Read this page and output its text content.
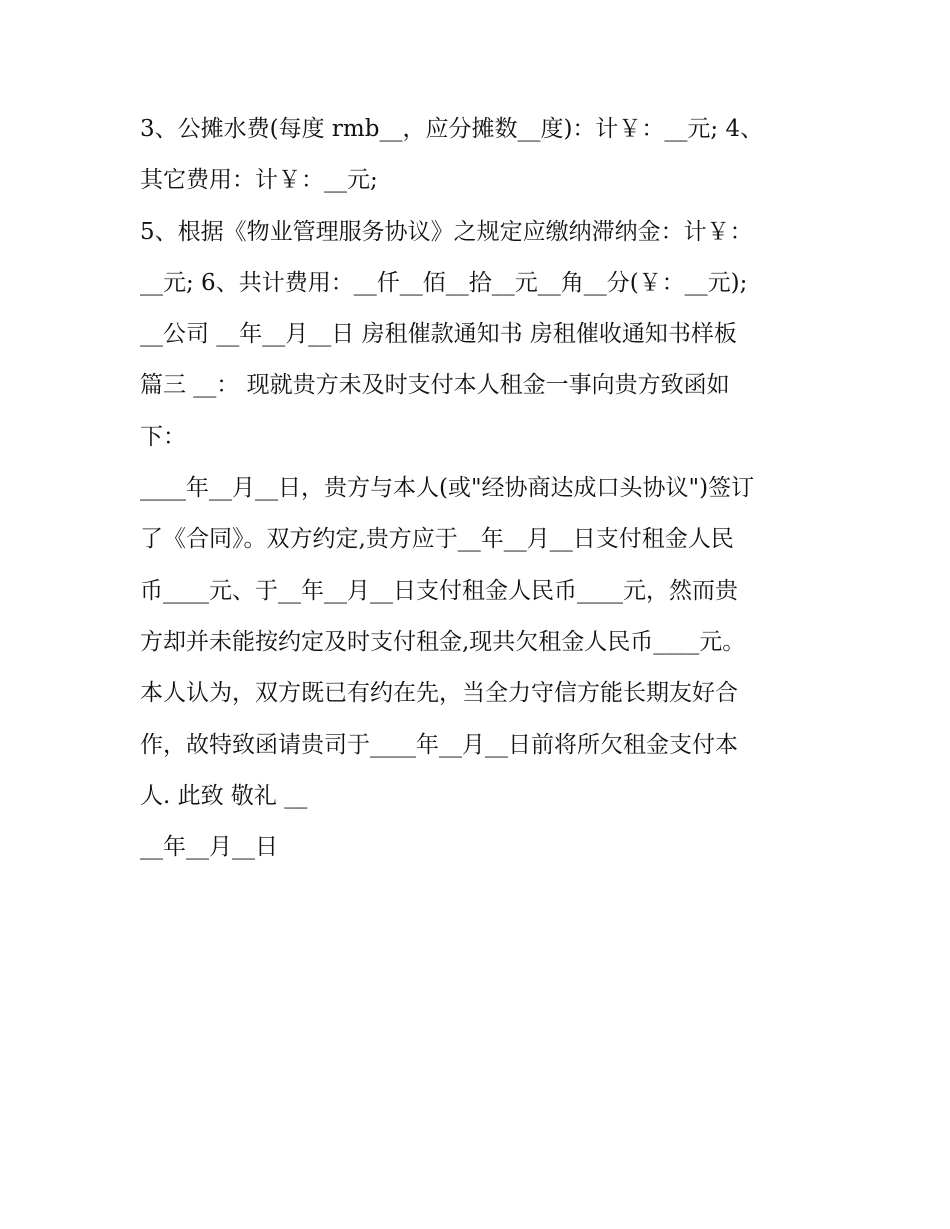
3、公摊水费(每度 rmb__，应分摊数__度)：计￥：__元; 4、
其它费用：计￥：__元;
5、根据《物业管理服务协议》之规定应缴纳滞纳金：计￥：
__元; 6、共计费用：__仟__佰__拾__元__角__分(￥：__元);
__公司 __年__月__日 房租催款通知书 房租催收通知书样板
篇三 __： 现就贵方未及时支付本人租金一事向贵方致函如
下：
____年__月__日，贵方与本人(或"经协商达成口头协议")签订
了《合同》。双方约定,贵方应于__年__月__日支付租金人民
币____元、于__年__月__日支付租金人民币____元，然而贵
方却并未能按约定及时支付租金,现共欠租金人民币____元。
本人认为，双方既已有约在先，当全力守信方能长期友好合
作，故特致函请贵司于____年__月__日前将所欠租金支付本
人. 此致 敬礼 __
__年__月__日
